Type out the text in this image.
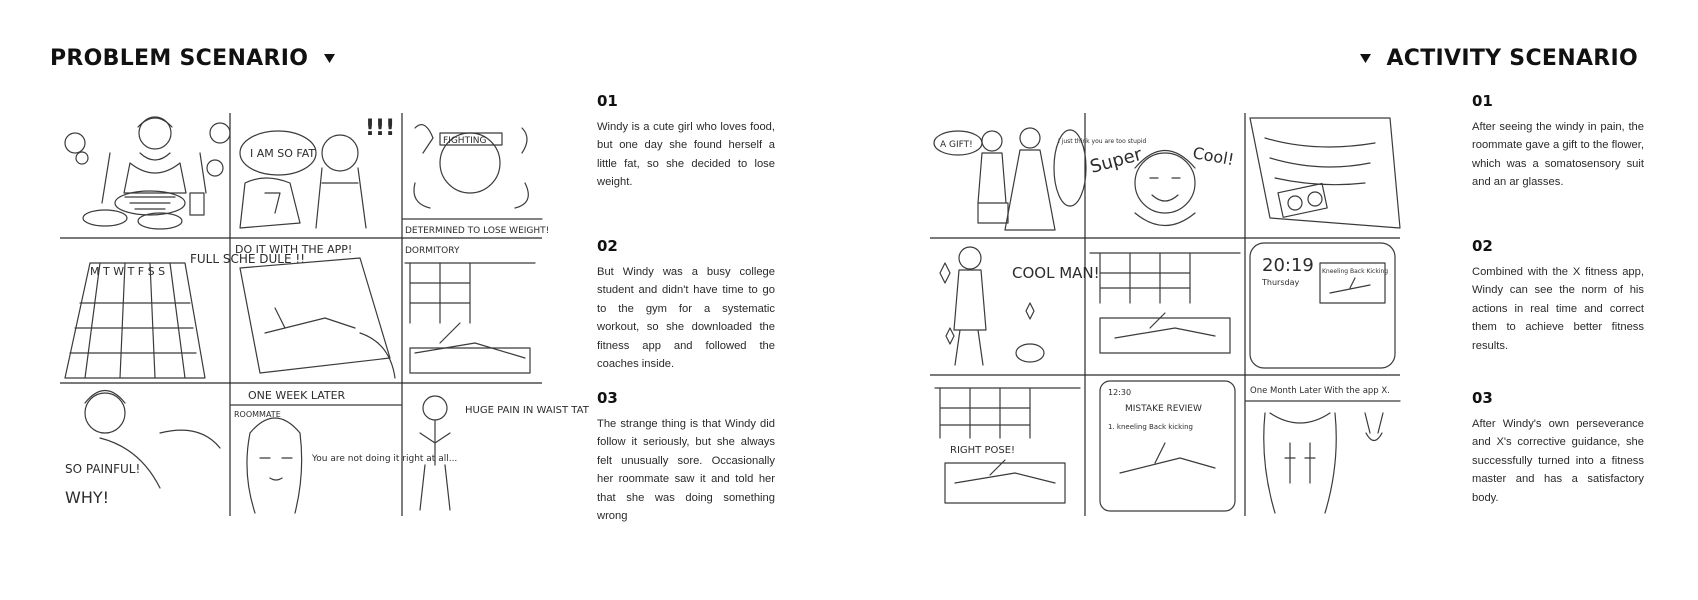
PROBLEM SCENARIO	ACTIVITY SCENARIO
I AM SO FAT
!!!	FIGHTING
DETERMINED TO LOSE WEIGHT!
M T W T F S S
FULL SCHE DULE !!
DO IT WITH THE APP!	DORMITORY
SO PAINFUL!
WHY!
ONE WEEK LATER
ROOMMATE
You are not doing it right at all...
HUGE PAIN IN WAIST TAT
A GIFT!	I just think you are too stupid
Super	Cool!
COOL MAN!	20:19
Thursday
Kneeling Back Kicking
RIGHT POSE!
12:30
MISTAKE REVIEW
1. kneeling Back kicking
One Month Later With the app X.

01

Windy is a cute girl who loves food, but one day she found herself a little fat, so she decided to lose weight.

02

But Windy was a busy college student and didn't have time to go to the gym for a systematic workout, so she downloaded the fitness app and followed the coaches inside.

03

The strange thing is that Windy did follow it seriously, but she always felt unusually sore. Occasionally her roommate saw it and told her that she was doing something wrong

01

After seeing the windy in pain, the roommate gave a gift to the flower, which was a somatosensory suit and an ar glasses.

02

Combined with the X fitness app, Windy can see the norm of his actions in real time and correct them to achieve better fitness results.

03

After Windy's own perseverance and X's corrective guidance, she successfully turned into a fitness master and has a satisfactory body.
